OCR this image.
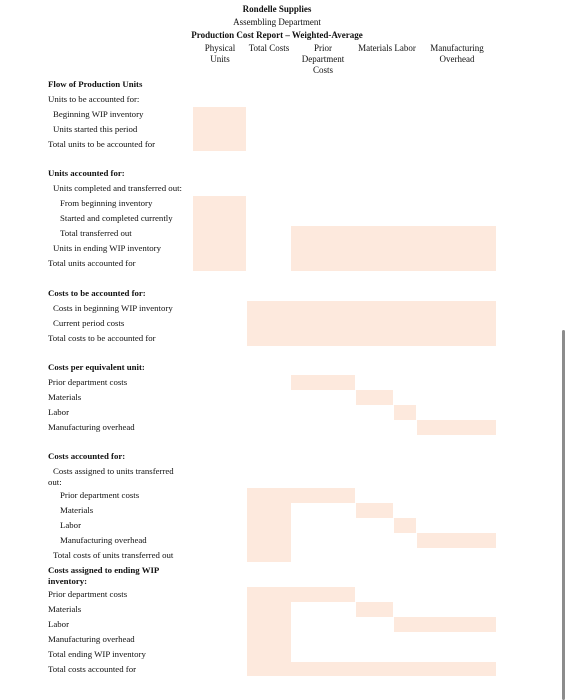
Rondelle Supplies
Assembling Department
Production Cost Report – Weighted-Average
Physical
Units
Total Costs	Prior
Department
Costs
Materials Labor	Manufacturing
Overhead
Flow of Production Units
Units to be accounted for:
Beginning WIP inventory
Units started this period
Total units to be accounted for
Units accounted for:
Units completed and transferred out:
From beginning inventory
Started and completed currently
Total transferred out
Units in ending WIP inventory
Total units accounted for
Costs to be accounted for:
Costs in beginning WIP inventory
Current period costs
Total costs to be accounted for
Costs per equivalent unit:
Prior department costs
Materials
Labor
Manufacturing overhead
Costs accounted for:
Costs assigned to units transferred out:
Prior department costs
Materials
Labor
Manufacturing overhead
Total costs of units transferred out
Costs assigned to ending WIP inventory:
Prior department costs
Materials
Labor
Manufacturing overhead
Total ending WIP inventory
Total costs accounted for
